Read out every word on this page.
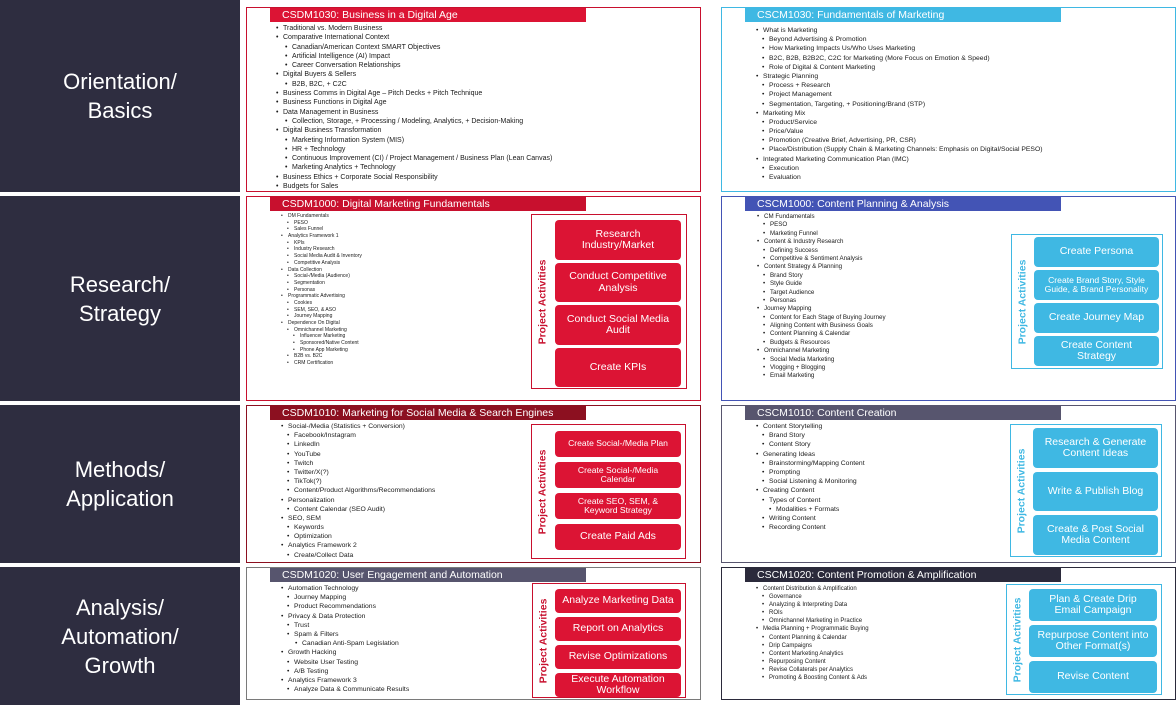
Orientation/
Basics
Research/
Strategy
Methods/
Application
Analysis/
Automation/
Growth
CSDM1030: Business in a Digital Age
• Traditional vs. Modern Business
• Comparative International Context
• Canadian/American Context SMART Objectives
• Artificial Intelligence (AI) Impact
• Career Conversation Relationships
• Digital Buyers & Sellers
• B2B, B2C, + C2C
• Business Comms in Digital Age – Pitch Decks + Pitch Technique
• Business Functions in Digital Age
• Data Management in Business
• Collection, Storage, + Processing / Modeling, Analytics, + Decision-Making
• Digital Business Transformation
• Marketing Information System (MIS)
• HR + Technology
• Continuous Improvement (CI) / Project Management / Business Plan (Lean Canvas)
• Marketing Analytics + Technology
• Business Ethics + Corporate Social Responsibility
• Budgets for Sales
CSCM1030: Fundamentals of Marketing
• What is Marketing
• Beyond Advertising & Promotion
• How Marketing Impacts Us/Who Uses Marketing
• B2C, B2B, B2B2C, C2C for Marketing (More Focus on Emotion & Speed)
• Role of Digital & Content Marketing
• Strategic Planning
• Process + Research
• Project Management
• Segmentation, Targeting, + Positioning/Brand (STP)
• Marketing Mix
• Product/Service
• Price/Value
• Promotion (Creative Brief, Advertising, PR, CSR)
• Place/Distribution (Supply Chain & Marketing Channels: Emphasis on Digital/Social PESO)
• Integrated Marketing Communication Plan (IMC)
• Execution
• Evaluation
CSDM1000: Digital Marketing Fundamentals
• DM Fundamentals
• PESO
• Sales Funnel
• Analytics Framework 1
• KPIs
• Industry Research
• Social Media Audit & Inventory
• Competitive Analysis
• Data Collection
• Social-/Media (Audience)
• Segmentation
• Personas
• Programmatic Advertising
• Cookies
• SEM, SEO, & ASO
• Journey Mapping
• Dependence On Digital
• Omnichannel Marketing
• Influencer Marketing
• Sponsored/Native Content
• Phone App Marketing
• B2B vs. B2C
• CRM Certification
Project Activities
Research Industry/Market
Conduct Competitive Analysis
Conduct Social Media Audit
Create KPIs
CSCM1000: Content Planning & Analysis
• CM Fundamentals
• PESO
• Marketing Funnel
• Content & Industry Research
• Defining Success
• Competitive & Sentiment Analysis
• Content Strategy & Planning
• Brand Story
• Style Guide
• Target Audience
• Personas
• Journey Mapping
• Content for Each Stage of Buying Journey
• Aligning Content with Business Goals
• Content Planning & Calendar
• Budgets & Resources
• Omnichannel Marketing
• Social Media Marketing
• Vlogging + Blogging
• Email Marketing
Project Activities
Create Persona
Create Brand Story, Style Guide, & Brand Personality
Create Journey Map
Create Content Strategy
CSDM1010: Marketing for Social Media & Search Engines
• Social-/Media (Statistics + Conversion)
• Facebook/Instagram
• LinkedIn
• YouTube
• Twitch
• Twitter/X(?)
• TikTok(?)
• Content/Product Algorithms/Recommendations
• Personalization
• Content Calendar (SEO Audit)
• SEO, SEM
• Keywords
• Optimization
• Analytics Framework 2
• Create/Collect Data
Project Activities
Create Social-/Media Plan
Create Social-/Media Calendar
Create SEO, SEM, & Keyword Strategy
Create Paid Ads
CSCM1010: Content Creation
• Content Storytelling
• Brand Story
• Content Story
• Generating Ideas
• Brainstorming/Mapping Content
• Prompting
• Social Listening & Monitoring
• Creating Content
• Types of Content
• Modalities + Formats
• Writing Content
• Recording Content	Project Activities
Research & Generate Content Ideas
Write & Publish Blog
Create & Post Social Media Content
CSDM1020: User Engagement and Automation
• Automation Technology
• Journey Mapping
• Product Recommendations
• Privacy & Data Protection
• Trust
• Spam & Filters
• Canadian Anti-Spam Legislation
• Growth Hacking
• Website User Testing
• A/B Testing
• Analytics Framework 3
• Analyze Data & Communicate Results
Project Activities	Analyze Marketing Data
Report on Analytics
Revise Optimizations
Execute Automation Workflow
CSCM1020: Content Promotion & Amplification
• Content Distribution & Amplification
• Governance
• Analyzing & Interpreting Data
• ROIs
• Omnichannel Marketing in Practice
• Media Planning + Programmatic Buying
• Content Planning & Calendar
• Drip Campaigns
• Content Marketing Analytics
• Repurposing Content
• Revise Collaterals per Analytics
• Promoting & Boosting Content & Ads	Project Activities	Plan & Create Drip Email Campaign
Repurpose Content into Other Format(s)
Revise Content
